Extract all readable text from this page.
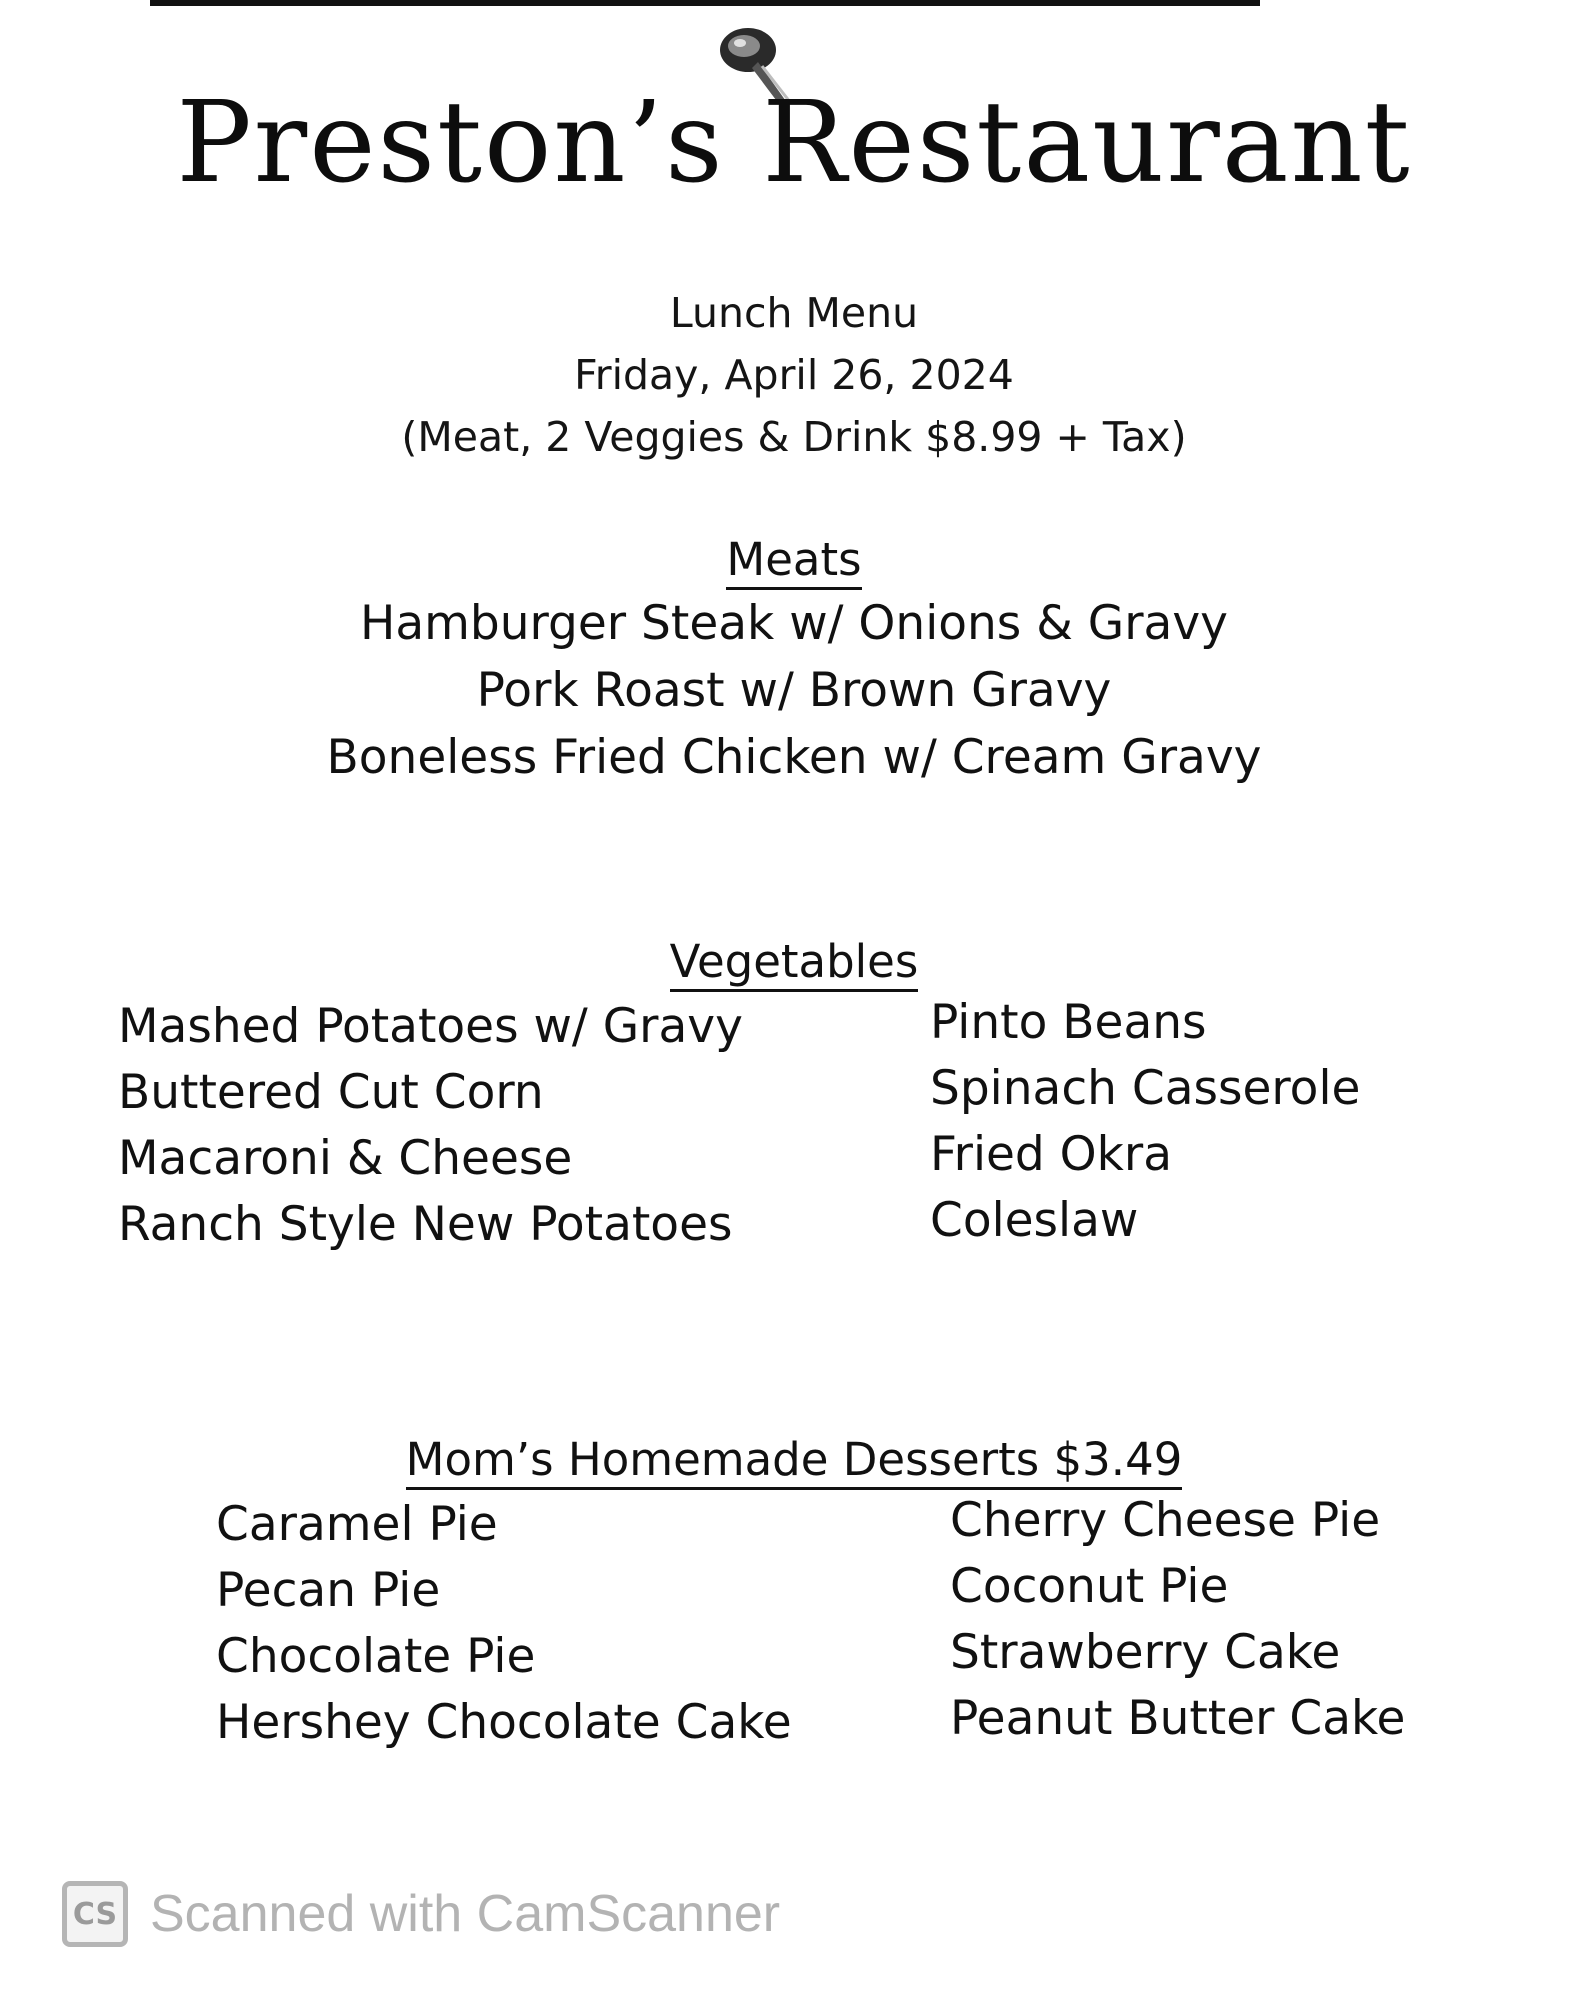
Preston’s Restaurant
Lunch Menu
Friday, April 26, 2024
(Meat, 2 Veggies & Drink $8.99 + Tax)
Meats
Hamburger Steak w/ Onions & Gravy
Pork Roast w/ Brown Gravy
Boneless Fried Chicken w/ Cream Gravy
Vegetables
Mashed Potatoes w/ Gravy
Buttered Cut Corn
Macaroni & Cheese
Ranch Style New Potatoes
Pinto Beans
Spinach Casserole
Fried Okra
Coleslaw
Mom’s Homemade Desserts $3.49
Caramel Pie
Pecan Pie
Chocolate Pie
Hershey Chocolate Cake
Cherry Cheese Pie
Coconut Pie
Strawberry Cake
Peanut Butter Cake
CS Scanned with CamScanner
